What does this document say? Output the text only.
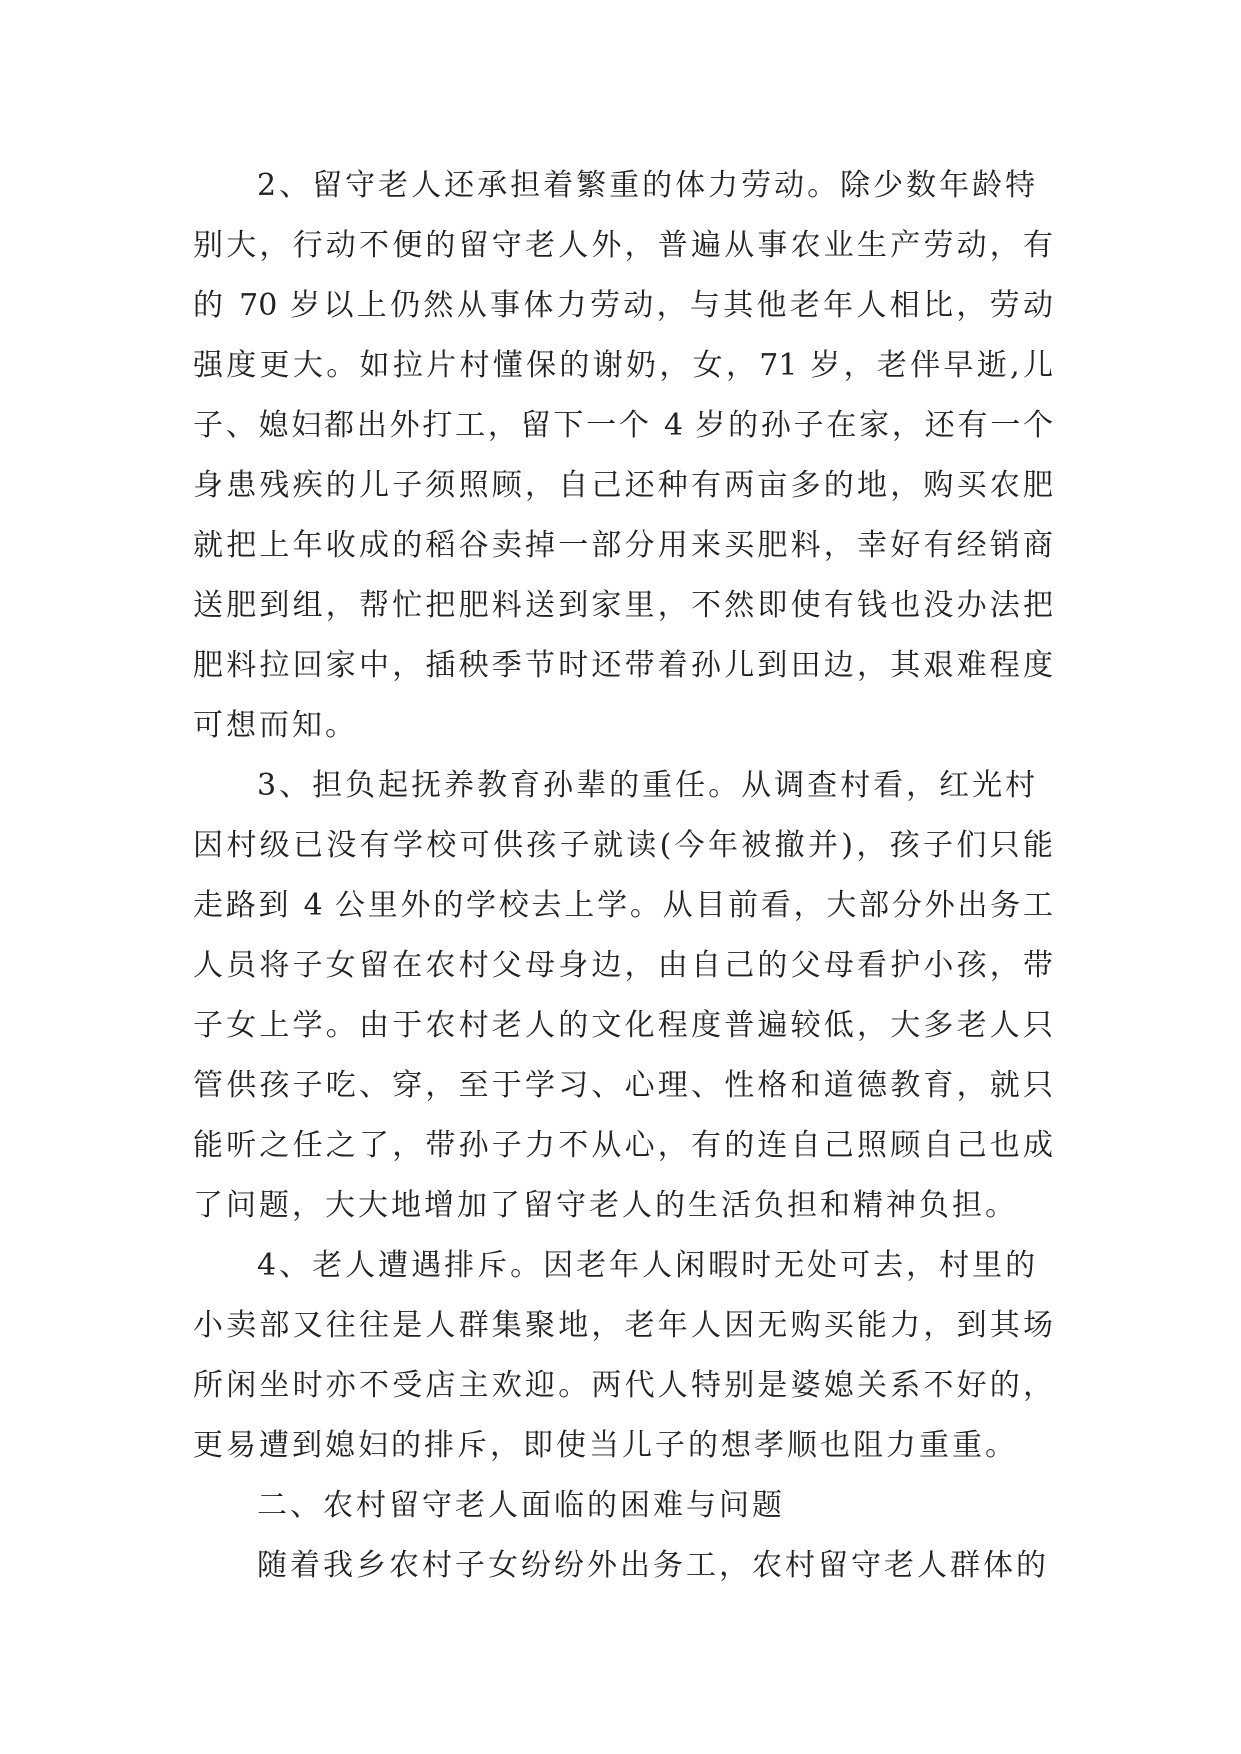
2、留守老人还承担着繁重的体力劳动。除少数年龄特
别大，行动不便的留守老人外，普遍从事农业生产劳动，有
的 70 岁以上仍然从事体力劳动，与其他老年人相比，劳动
强度更大。如拉片村懂保的谢奶，女，71 岁，老伴早逝,儿
子、媳妇都出外打工，留下一个 4 岁的孙子在家，还有一个
身患残疾的儿子须照顾，自己还种有两亩多的地，购买农肥
就把上年收成的稻谷卖掉一部分用来买肥料，幸好有经销商
送肥到组，帮忙把肥料送到家里，不然即使有钱也没办法把
肥料拉回家中，插秧季节时还带着孙儿到田边，其艰难程度
可想而知。
3、担负起抚养教育孙辈的重任。从调查村看，红光村
因村级已没有学校可供孩子就读(今年被撤并)，孩子们只能
走路到 4 公里外的学校去上学。从目前看，大部分外出务工
人员将子女留在农村父母身边，由自己的父母看护小孩，带
子女上学。由于农村老人的文化程度普遍较低，大多老人只
管供孩子吃、穿，至于学习、心理、性格和道德教育，就只
能听之任之了，带孙子力不从心，有的连自己照顾自己也成
了问题，大大地增加了留守老人的生活负担和精神负担。
4、老人遭遇排斥。因老年人闲暇时无处可去，村里的
小卖部又往往是人群集聚地，老年人因无购买能力，到其场
所闲坐时亦不受店主欢迎。两代人特别是婆媳关系不好的，
更易遭到媳妇的排斥，即使当儿子的想孝顺也阻力重重。
二、农村留守老人面临的困难与问题
随着我乡农村子女纷纷外出务工，农村留守老人群体的
